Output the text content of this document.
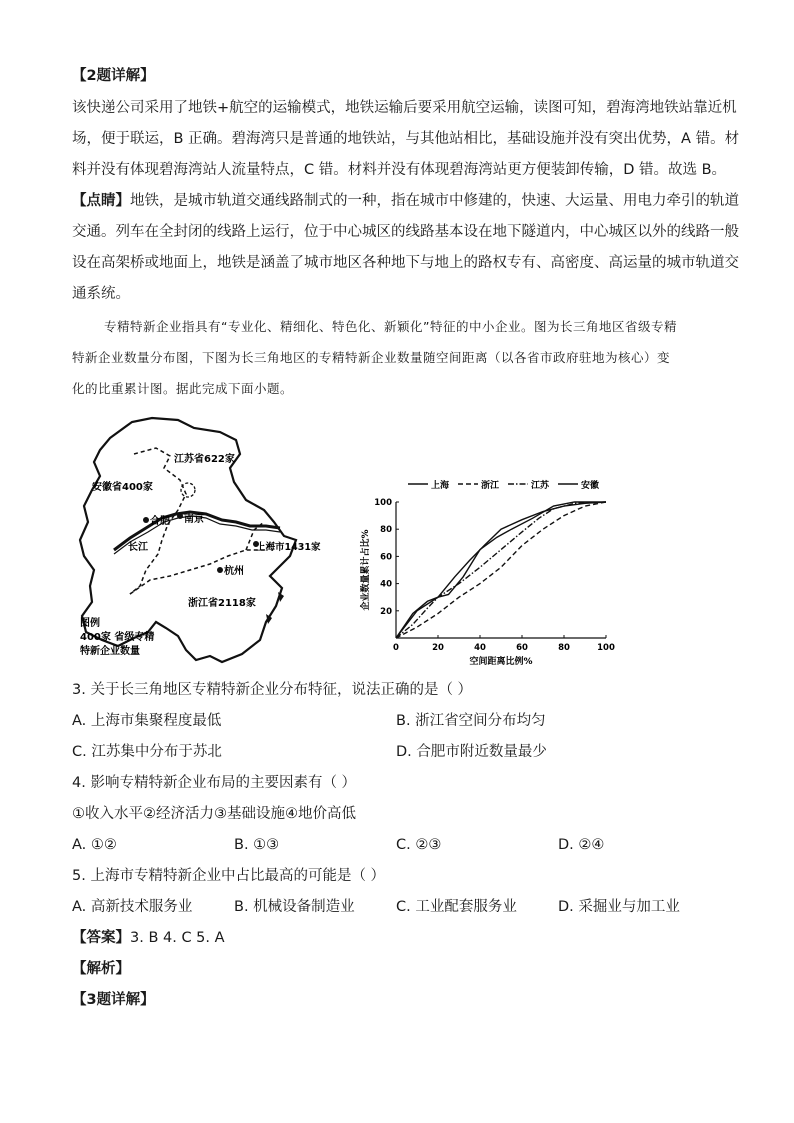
【2题详解】
该快递公司采用了地铁+航空的运输模式，地铁运输后要采用航空运输，读图可知，碧海湾地铁站靠近机
场，便于联运，B 正确。碧海湾只是普通的地铁站，与其他站相比，基础设施并没有突出优势，A 错。材
料并没有体现碧海湾站人流量特点，C 错。材料并没有体现碧海湾站更方便装卸传输，D 错。故选 B。
【点睛】地铁，是城市轨道交通线路制式的一种，指在城市中修建的，快速、大运量、用电力牵引的轨道
交通。列车在全封闭的线路上运行，位于中心城区的线路基本设在地下隧道内，中心城区以外的线路一般
设在高架桥或地面上，地铁是涵盖了城市地区各种地下与地上的路权专有、高密度、高运量的城市轨道交
通系统。
专精特新企业指具有“专业化、精细化、特色化、新颖化”特征的中小企业。图为长三角地区省级专精
特新企业数量分布图，下图为长三角地区的专精特新企业数量随空间距离（以各省市政府驻地为核心）变
化的比重累计图。据此完成下面小题。
江苏省622家
安徽省400家
合肥 南京
长江	上海市1431家
杭州
浙江省2118家
图例
400家 省级专精
特新企业数量
上海	浙江	江苏	安徽
0	20	40	60	80	100
20
40
60
80
100
空间距离比例%
企业数量累计占比%
3. 关于长三角地区专精特新企业分布特征，说法正确的是（ ）
A. 上海市集聚程度最低	B. 浙江省空间分布均匀
C. 江苏集中分布于苏北	D. 合肥市附近数量最少
4. 影响专精特新企业布局的主要因素有（ ）
①收入水平②经济活力③基础设施④地价高低
A. ①②	B. ①③	C. ②③	D. ②④
5. 上海市专精特新企业中占比最高的可能是（ ）
A. 高新技术服务业	B. 机械设备制造业	C. 工业配套服务业	D. 采掘业与加工业
【答案】3. B 4. C 5. A
【解析】
【3题详解】
